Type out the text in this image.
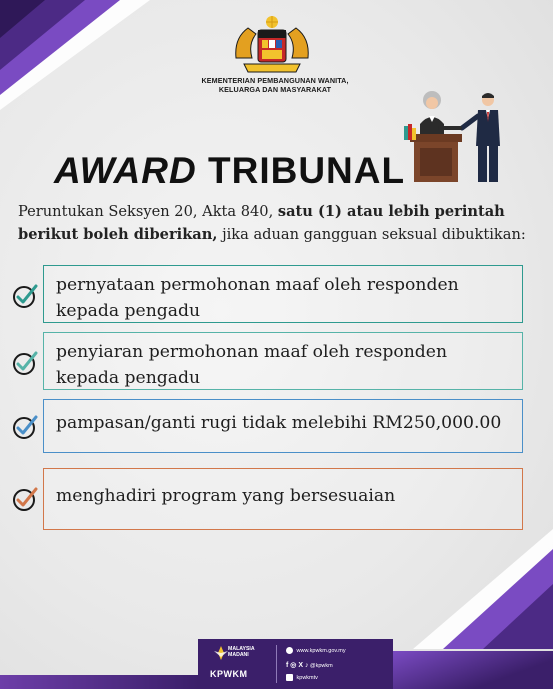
KEMENTERIAN PEMBANGUNAN WANITA,
KELUARGA DAN MASYARAKAT
AWARD TRIBUNAL
Peruntukan Seksyen 20, Akta 840, satu (1) atau lebih perintah berikut boleh diberikan, jika aduan gangguan seksual dibuktikan:
pernyataan permohonan maaf oleh responden kepada pengadu
penyiaran permohonan maaf oleh responden kepada pengadu
pampasan/ganti rugi tidak melebihi RM250,000.00
menghadiri program yang bersesuaian
MALAYSIA
MADANI
KPWKM
www.kpwkm.gov.my
f ◎ X ♪ @kpwkm
kpwkmtv
